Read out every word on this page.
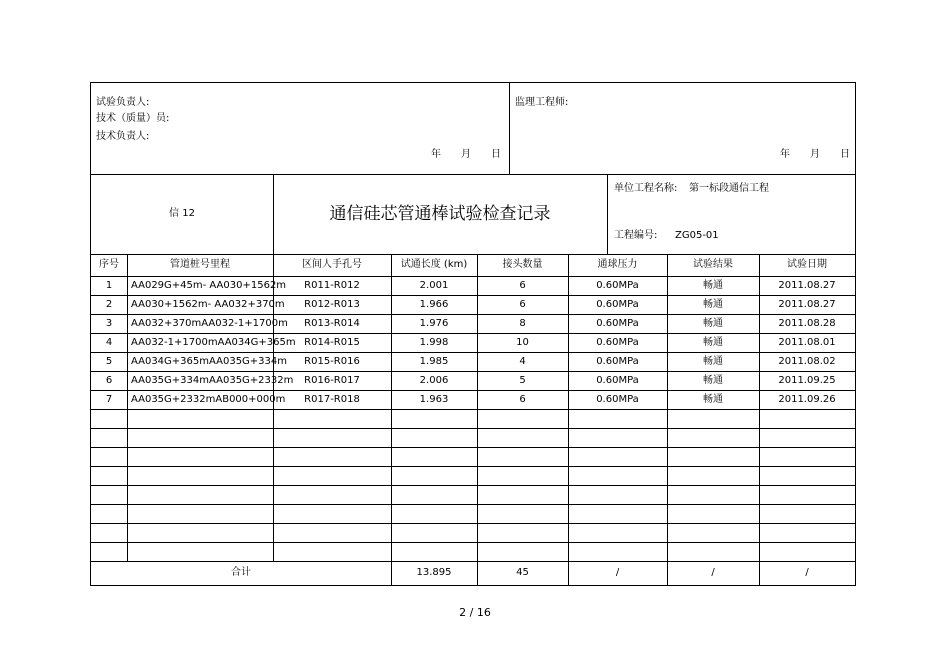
试验负责人:
技术（质量）员:
技术负责人:
年 月 日
监理工程师:
年 月 日
信 12	通信硅芯管通棒试验检查记录
单位工程名称: 第一标段通信工程
工程编号: ZG05-01
序号	管道桩号里程	区间人手孔号	试通长度 (km)	接头数量	通球压力	试验结果	试验日期
1	AA029G+45m- AA030+1562m	R011-R012	2.001	6	0.60MPa	畅通	2011.08.27
2	AA030+1562m- AA032+370m	R012-R013	1.966	6	0.60MPa	畅通	2011.08.27
3	AA032+370mAA032-1+1700m	R013-R014	1.976	8	0.60MPa	畅通	2011.08.28
4	AA032-1+1700mAA034G+365m R014-R015	1.998	10	0.60MPa	畅通	2011.08.01
5	AA034G+365mAA035G+334m	R015-R016	1.985	4	0.60MPa	畅通	2011.08.02
6	AA035G+334mAA035G+2332m	R016-R017	2.006	5	0.60MPa	畅通	2011.09.25
7	AA035G+2332mAB000+000m	R017-R018	1.963	6	0.60MPa	畅通	2011.09.26
合计	13.895	45	/	/	/
2 / 16
